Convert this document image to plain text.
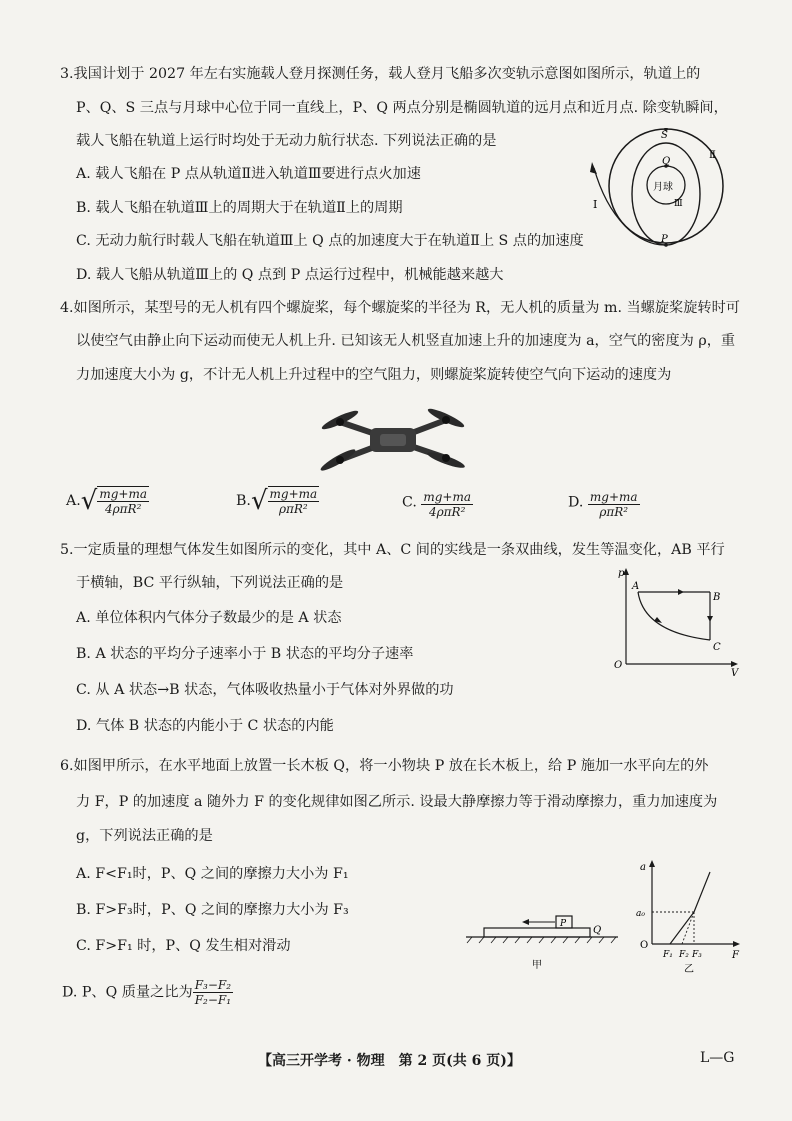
3.我国计划于 2027 年左右实施载人登月探测任务，载人登月飞船多次变轨示意图如图所示，轨道上的
P、Q、S 三点与月球中心位于同一直线上，P、Q 两点分别是椭圆轨道的远月点和近月点. 除变轨瞬间，
载人飞船在轨道上运行时均处于无动力航行状态. 下列说法正确的是
A. 载人飞船在 P 点从轨道Ⅱ进入轨道Ⅲ要进行点火加速
B. 载人飞船在轨道Ⅲ上的周期大于在轨道Ⅱ上的周期
C. 无动力航行时载人飞船在轨道Ⅲ上 Q 点的加速度大于在轨道Ⅱ上 S 点的加速度
D. 载人飞船从轨道Ⅲ上的 Q 点到 P 点运行过程中，机械能越来越大
S
Q
月球
Ⅲ
Ⅱ
Ⅰ
P
4.如图所示，某型号的无人机有四个螺旋桨，每个螺旋桨的半径为 R，无人机的质量为 m. 当螺旋桨旋转时可
以使空气由静止向下运动而使无人机上升. 已知该无人机竖直加速上升的加速度为 a，空气的密度为 ρ，重
力加速度大小为 g，不计无人机上升过程中的空气阻力，则螺旋桨旋转使空气向下运动的速度为
$A.√ \frac{mg+ma}{\text{4ρπR²}}$	$B.√ \frac{mg+ma}{\text{ρπR²}}$	C. $\frac{mg+ma}{\text{4ρπR²}}$	D. $\frac{mg+ma}{\text{ρπR²}}$
5.一定质量的理想气体发生如图所示的变化，其中 A、C 间的实线是一条双曲线，发生等温变化，AB 平行
于横轴，BC 平行纵轴，下列说法正确的是
A. 单位体积内气体分子数最少的是 A 状态
B. A 状态的平均分子速率小于 B 状态的平均分子速率
C. 从 A 状态→B 状态，气体吸收热量小于气体对外界做的功
D. 气体 B 状态的内能小于 C 状态的内能
p
V
O
A
B
C
6.如图甲所示，在水平地面上放置一长木板 Q，将一小物块 P 放在长木板上，给 P 施加一水平向左的外
力 F，P 的加速度 a 随外力 F 的变化规律如图乙所示. 设最大静摩擦力等于滑动摩擦力，重力加速度为
g，下列说法正确的是
A. F<F₁时，P、Q 之间的摩擦力大小为 F₁
B. F>F₃时，P、Q 之间的摩擦力大小为 F₃
C. F>F₁ 时，P、Q 发生相对滑动
D. P、Q 质量之比为 $\frac{\text{F₃−F₂}}{\text{F₂−F₁}}$
P
Q
甲
a
a₀
O
F₁ F₂ F₃	F
乙
【高三开学考 · 物理　第 2 页(共 6 页)】	L—G
